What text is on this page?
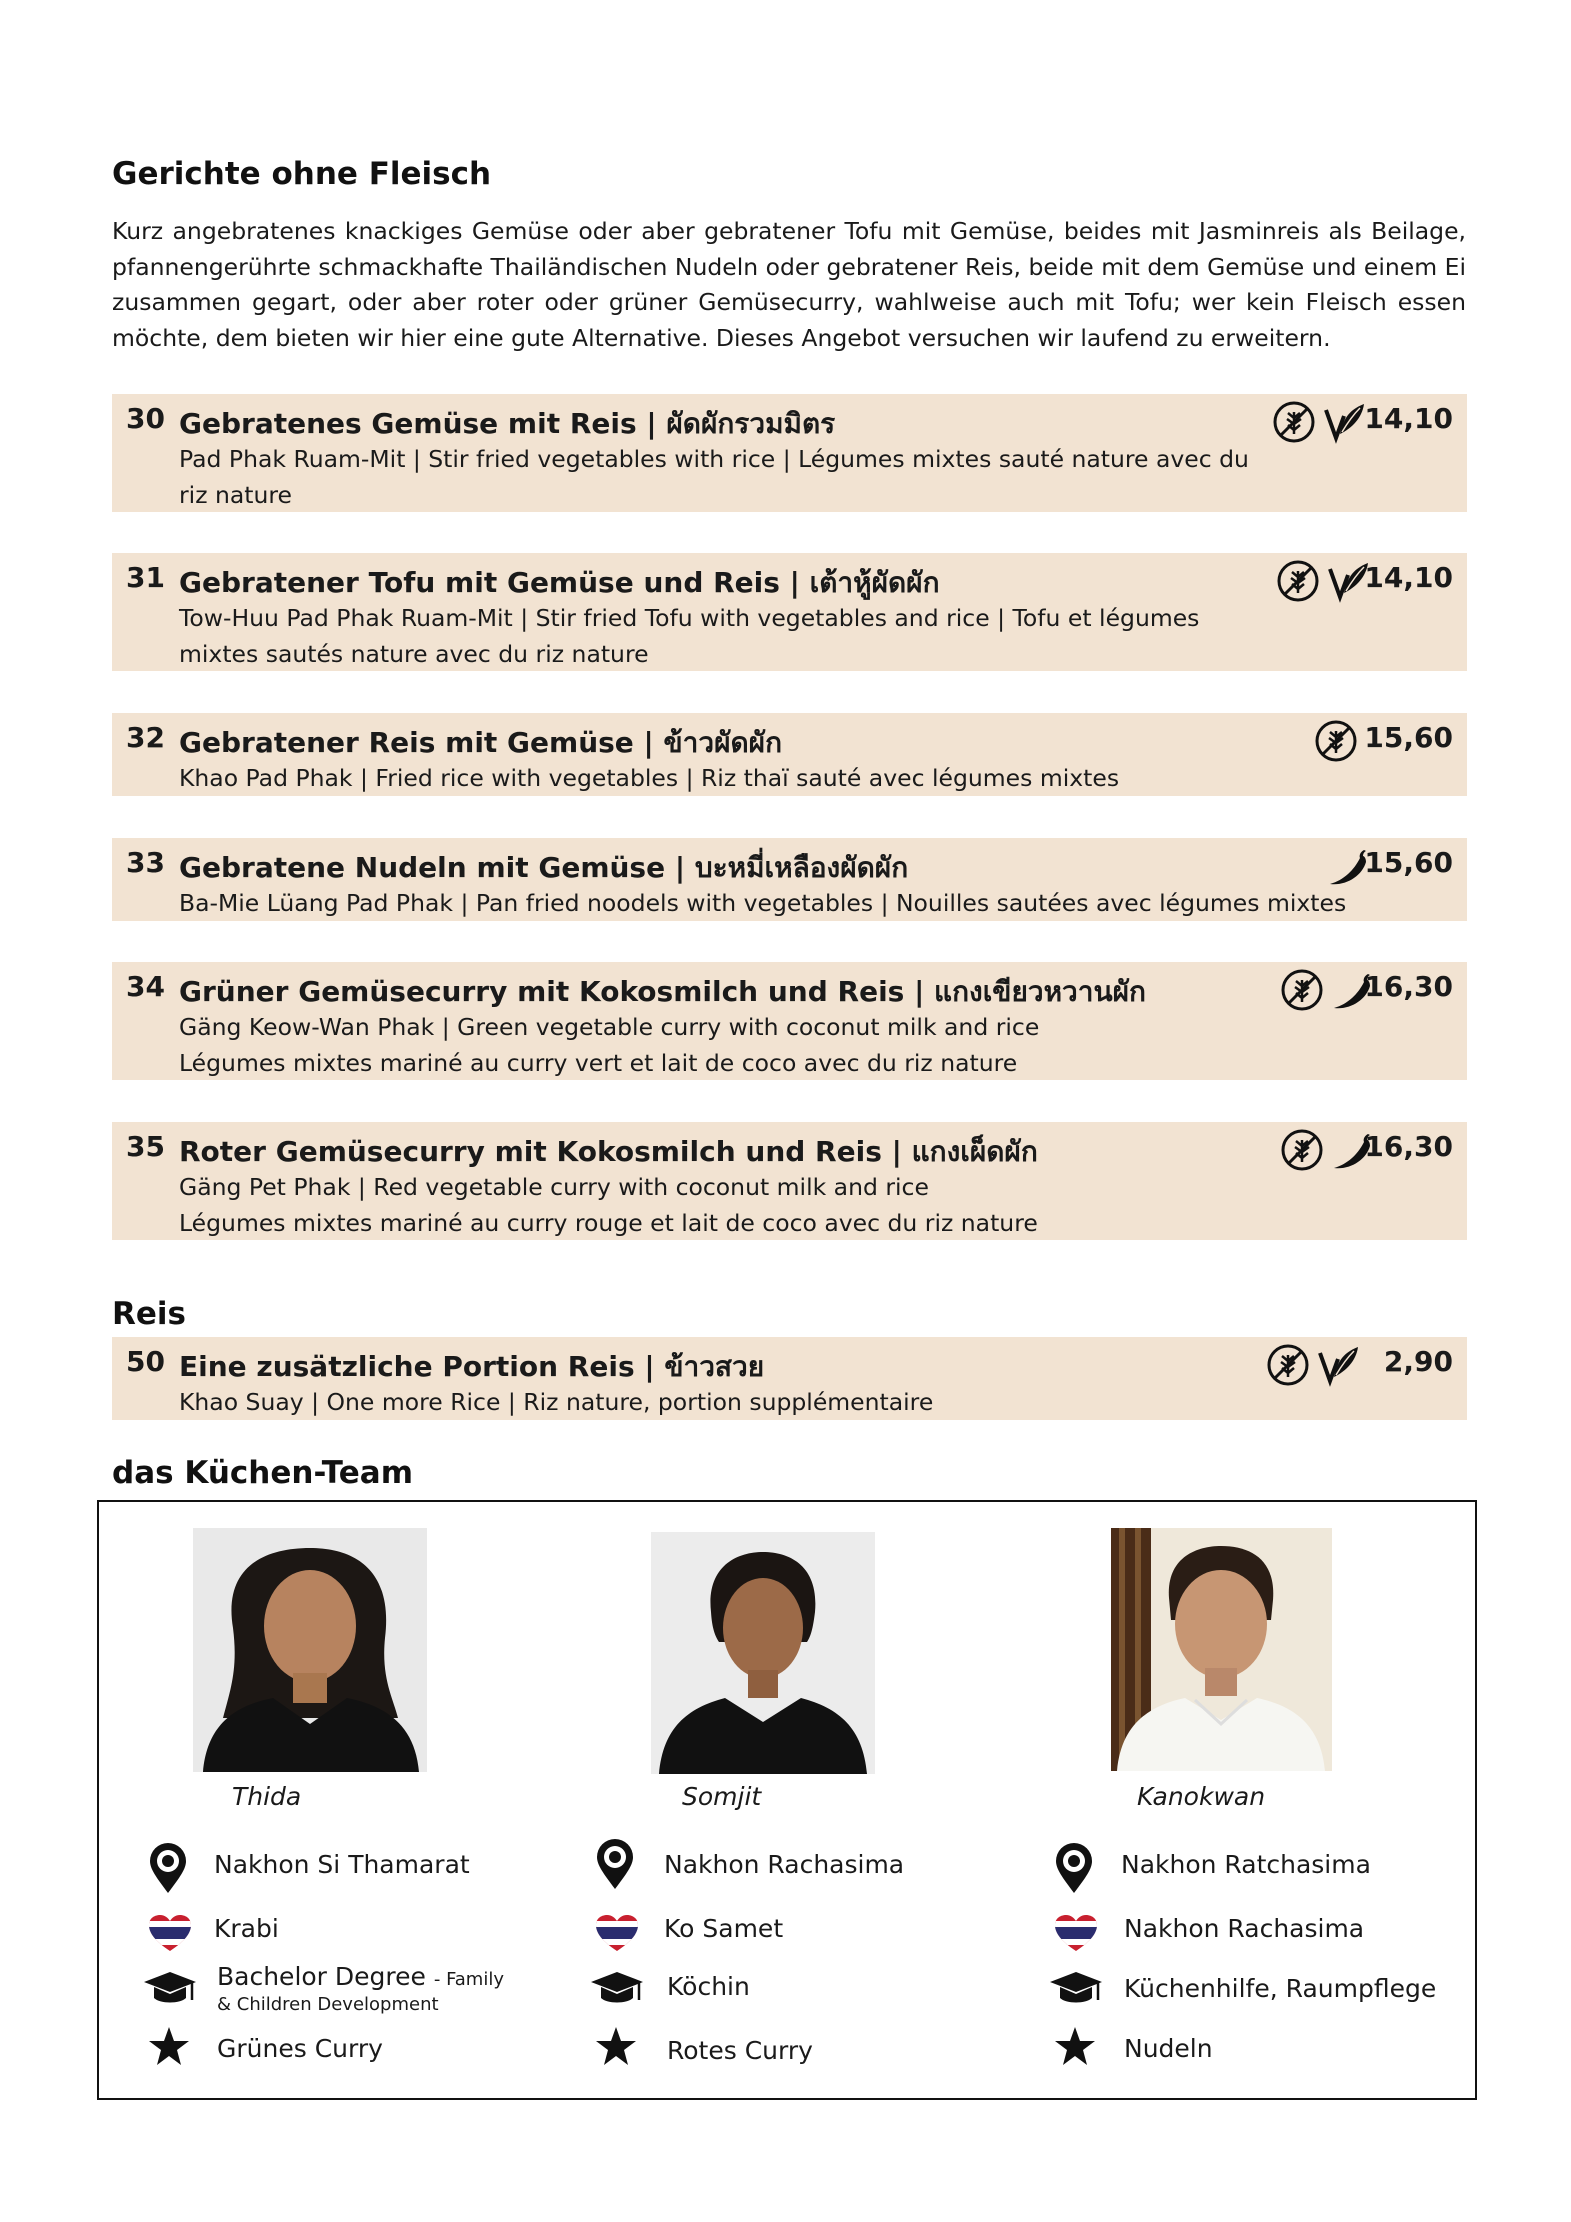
Gerichte ohne Fleisch
Kurz angebratenes knackiges Gemüse oder aber gebratener Tofu mit Gemüse, beides mit Jasminreis als Beilage, pfannengerührte schmackhafte Thailändischen Nudeln oder gebratener Reis, beide mit dem Gemüse und einem Ei zusammen gegart, oder aber roter oder grüner Gemüsecurry, wahlweise auch mit Tofu; wer kein Fleisch essen möchte, dem bieten wir hier eine gute Alternative. Dieses Angebot versuchen wir laufend zu erweitern.
30 Gebratenes Gemüse mit Reis | ผัดผักรวมมิตร
Pad Phak Ruam-Mit | Stir fried vegetables with rice | Légumes mixtes sauté nature avec du
riz nature
14,10
31 Gebratener Tofu mit Gemüse und Reis | เต้าหู้ผัดผัก
Tow-Huu Pad Phak Ruam-Mit | Stir fried Tofu with vegetables and rice | Tofu et légumes
mixtes sautés nature avec du riz nature
14,10
32 Gebratener Reis mit Gemüse | ข้าวผัดผัก
Khao Pad Phak | Fried rice with vegetables | Riz thaï sauté avec légumes mixtes
15,60
33 Gebratene Nudeln mit Gemüse | บะหมี่เหลืองผัดผัก
Ba-Mie Lüang Pad Phak | Pan fried noodels with vegetables | Nouilles sautées avec légumes mixtes
15,60
34 Grüner Gemüsecurry mit Kokosmilch und Reis | แกงเขียวหวานผัก
Gäng Keow-Wan Phak | Green vegetable curry with coconut milk and rice
Légumes mixtes mariné au curry vert et lait de coco avec du riz nature
16,30
35 Roter Gemüsecurry mit Kokosmilch und Reis | แกงเผ็ดผัก
Gäng Pet Phak | Red vegetable curry with coconut milk and rice
Légumes mixtes mariné au curry rouge et lait de coco avec du riz nature
16,30
Reis
50 Eine zusätzliche Portion Reis | ข้าวสวย
Khao Suay | One more Rice | Riz nature, portion supplémentaire
2,90
das Küchen-Team
Thida	Somjit	Kanokwan
Nakhon Si Thamarat
Krabi
Bachelor Degree - Family
& Children Development
Grünes Curry
Nakhon Rachasima
Ko Samet
Köchin
Rotes Curry
Nakhon Ratchasima
Nakhon Rachasima
Küchenhilfe, Raumpflege
Nudeln
